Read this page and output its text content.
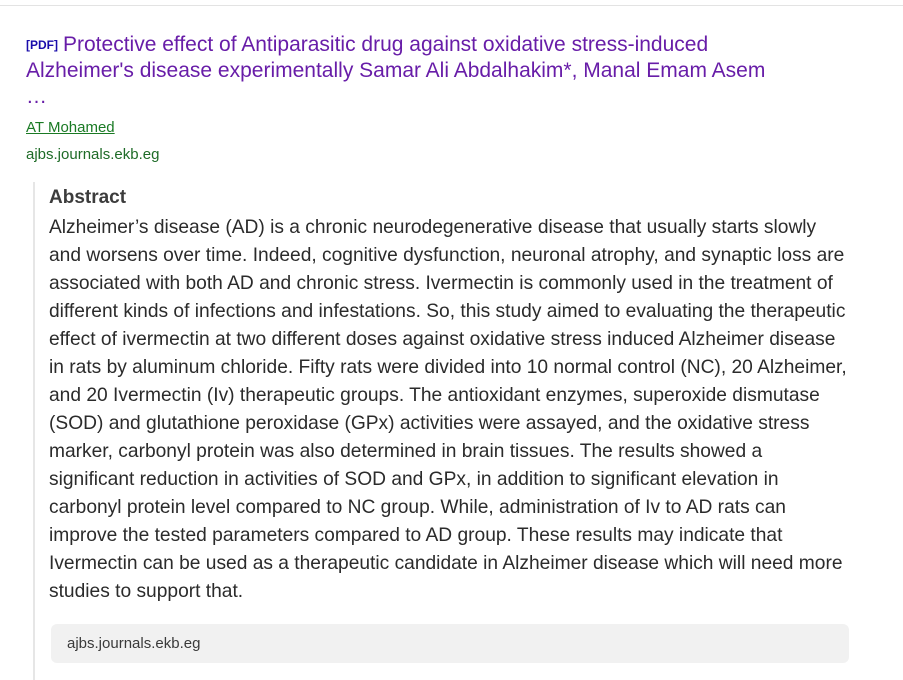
[PDF] Protective effect of Antiparasitic drug against oxidative stress-induced Alzheimer's disease experimentally Samar Ali Abdalhakim*, Manal Emam Asem …

AT Mohamed
ajbs.journals.ekb.eg
Abstract
Alzheimer’s disease (AD) is a chronic neurodegenerative disease that usually starts slowly and worsens over time. Indeed, cognitive dysfunction, neuronal atrophy, and synaptic loss are associated with both AD and chronic stress. Ivermectin is commonly used in the treatment of different kinds of infections and infestations. So, this study aimed to evaluating the therapeutic effect of ivermectin at two different doses against oxidative stress induced Alzheimer disease in rats by aluminum chloride. Fifty rats were divided into 10 normal control (NC), 20 Alzheimer, and 20 Ivermectin (Iv) therapeutic groups. The antioxidant enzymes, superoxide dismutase (SOD) and glutathione peroxidase (GPx) activities were assayed, and the oxidative stress marker, carbonyl protein was also determined in brain tissues. The results showed a significant reduction in activities of SOD and GPx, in addition to significant elevation in carbonyl protein level compared to NC group. While, administration of Iv to AD rats can improve the tested parameters compared to AD group. These results may indicate that Ivermectin can be used as a therapeutic candidate in Alzheimer disease which will need more studies to support that.
ajbs.journals.ekb.eg
